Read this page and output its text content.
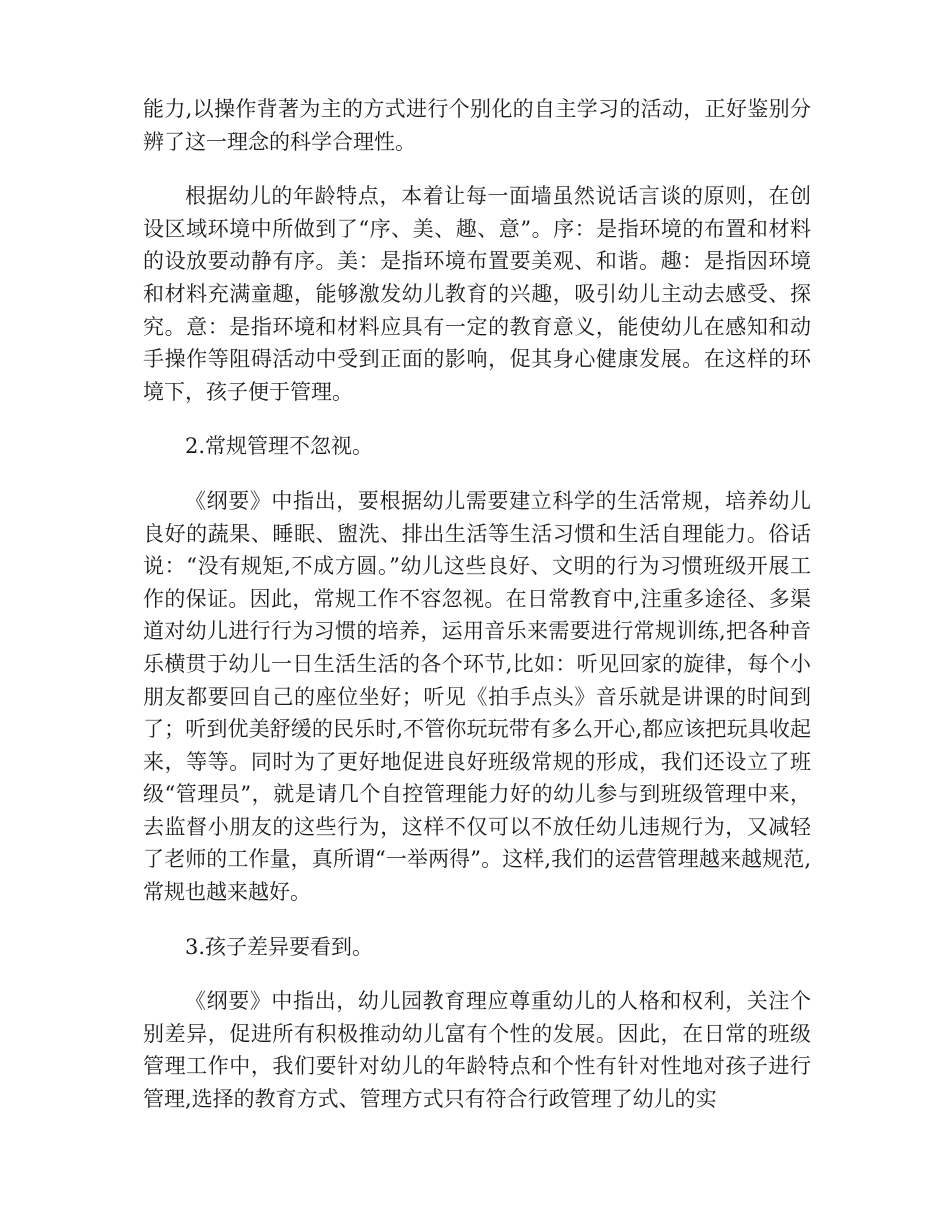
能力,以操作背著为主的方式进行个别化的自主学习的活动，正好鉴别分辨了这一理念的科学合理性。

根据幼儿的年龄特点，本着让每一面墙虽然说话言谈的原则，在创设区域环境中所做到了“序、美、趣、意”。序：是指环境的布置和材料的设放要动静有序。美：是指环境布置要美观、和谐。趣：是指因环境和材料充满童趣，能够激发幼儿教育的兴趣，吸引幼儿主动去感受、探究。意：是指环境和材料应具有一定的教育意义，能使幼儿在感知和动手操作等阻碍活动中受到正面的影响，促其身心健康发展。在这样的环境下，孩子便于管理。

2.常规管理不忽视。

《纲要》中指出，要根据幼儿需要建立科学的生活常规，培养幼儿良好的蔬果、睡眠、盥洗、排出生活等生活习惯和生活自理能力。俗话说：“没有规矩,不成方圆。”幼儿这些良好、文明的行为习惯班级开展工作的保证。因此，常规工作不容忽视。在日常教育中,注重多途径、多渠道对幼儿进行行为习惯的培养，运用音乐来需要进行常规训练,把各种音乐横贯于幼儿一日生活生活的各个环节,比如：听见回家的旋律，每个小朋友都要回自己的座位坐好；听见《拍手点头》音乐就是讲课的时间到了；听到优美舒缓的民乐时,不管你玩玩带有多么开心,都应该把玩具收起来，等等。同时为了更好地促进良好班级常规的形成，我们还设立了班级“管理员”，就是请几个自控管理能力好的幼儿参与到班级管理中来，去监督小朋友的这些行为，这样不仅可以不放任幼儿违规行为，又减轻了老师的工作量，真所谓“一举两得”。这样,我们的运营管理越来越规范,常规也越来越好。

3.孩子差异要看到。

《纲要》中指出，幼儿园教育理应尊重幼儿的人格和权利，关注个别差异，促进所有积极推动幼儿富有个性的发展。因此，在日常的班级管理工作中，我们要针对幼儿的年龄特点和个性有针对性地对孩子进行管理,选择的教育方式、管理方式只有符合行政管理了幼儿的实
